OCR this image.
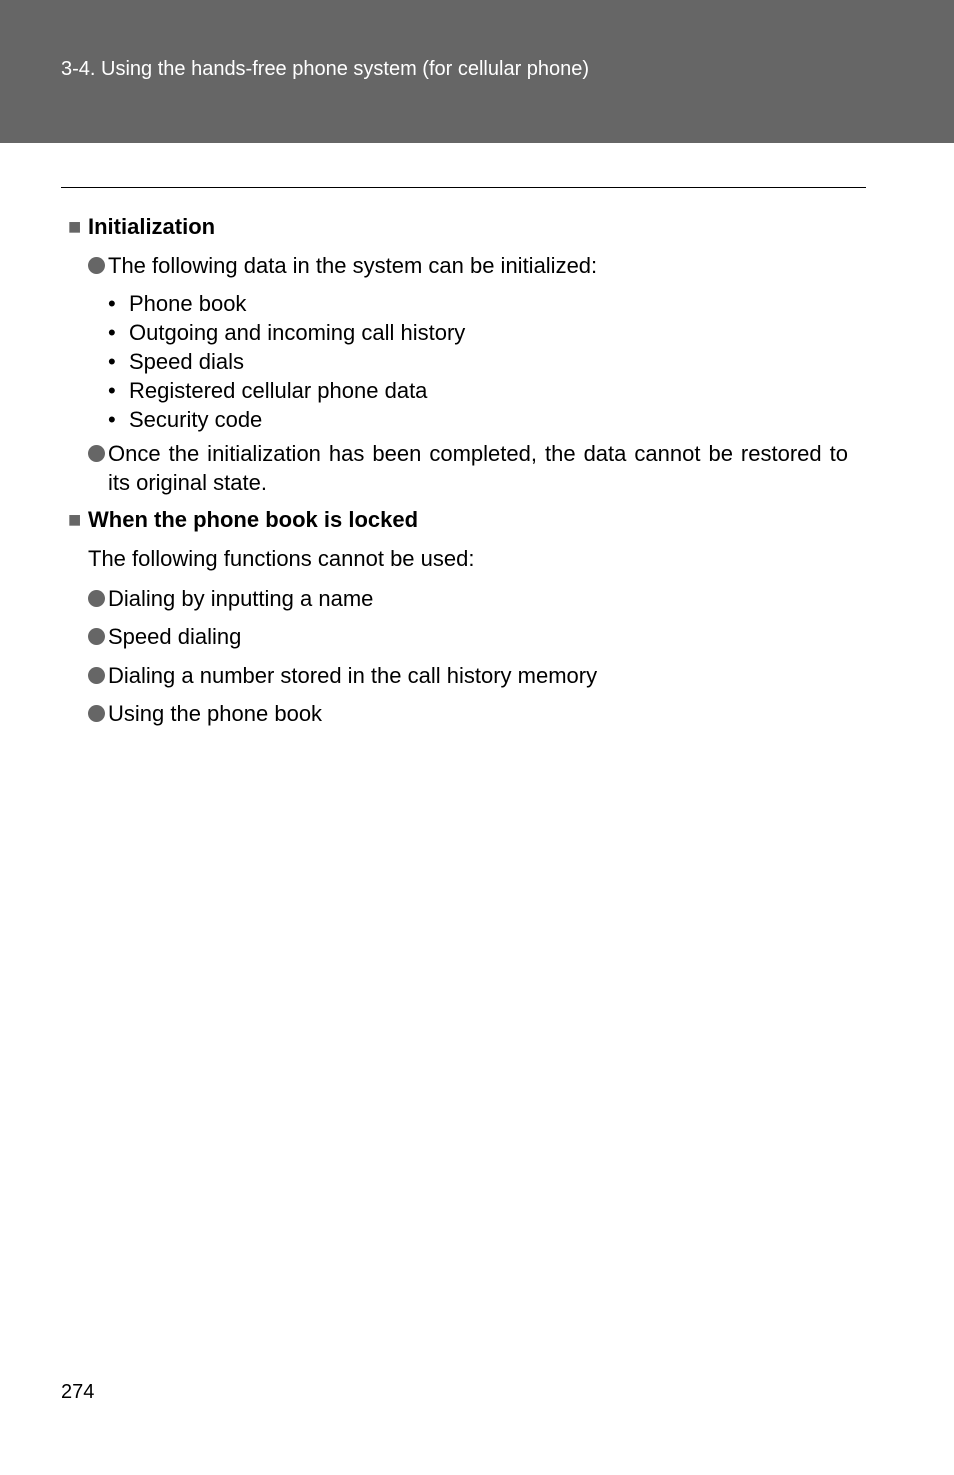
3-4. Using the hands-free phone system (for cellular phone)
■ Initialization
The following data in the system can be initialized:
• Phone book
• Outgoing and incoming call history
• Speed dials
• Registered cellular phone data
• Security code
Once the initialization has been completed, the data cannot be restored to its original state.
■ When the phone book is locked
The following functions cannot be used:
Dialing by inputting a name
Speed dialing
Dialing a number stored in the call history memory
Using the phone book
274
